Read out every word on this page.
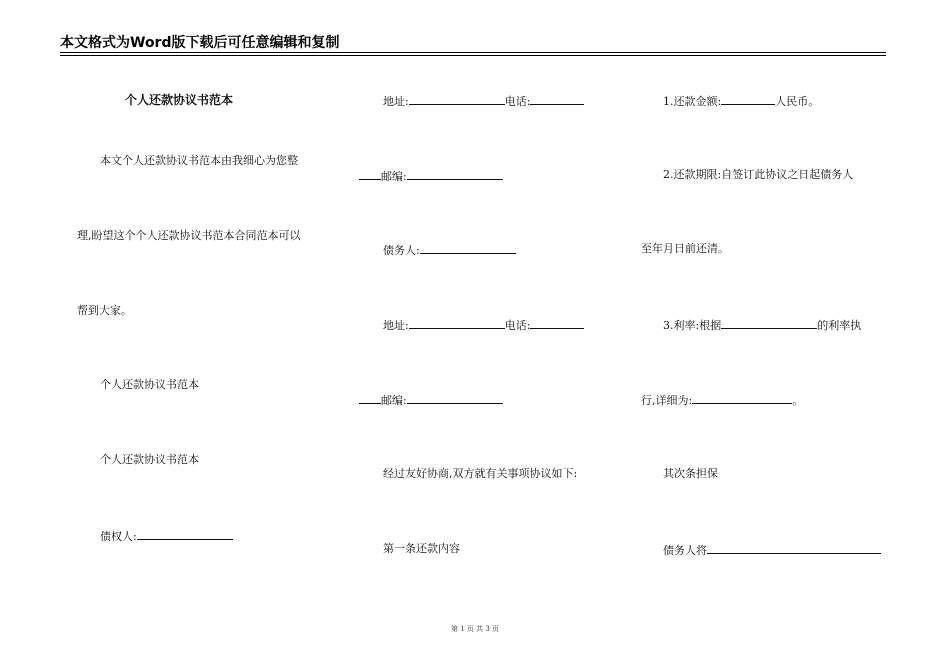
本文格式为Word版下载后可任意编辑和复制
个人还款协议书范本
本文个人还款协议书范本由我细心为您整
理,盼望这个个人还款协议书范本合同范本可以
帮到大家。
个人还款协议书范本
个人还款协议书范本
债权人:
地址:	电话:
邮编:
债务人:
地址:	电话:
邮编:
经过友好协商,双方就有关事项协议如下:
第一条还款内容
1.还款金额:	人民币。
2.还款期限:自签订此协议之日起债务人
至年月日前还清。
3.利率:根据	的利率执
行,详细为:	。
其次条担保
债务人将
第 1 页 共 3 页
